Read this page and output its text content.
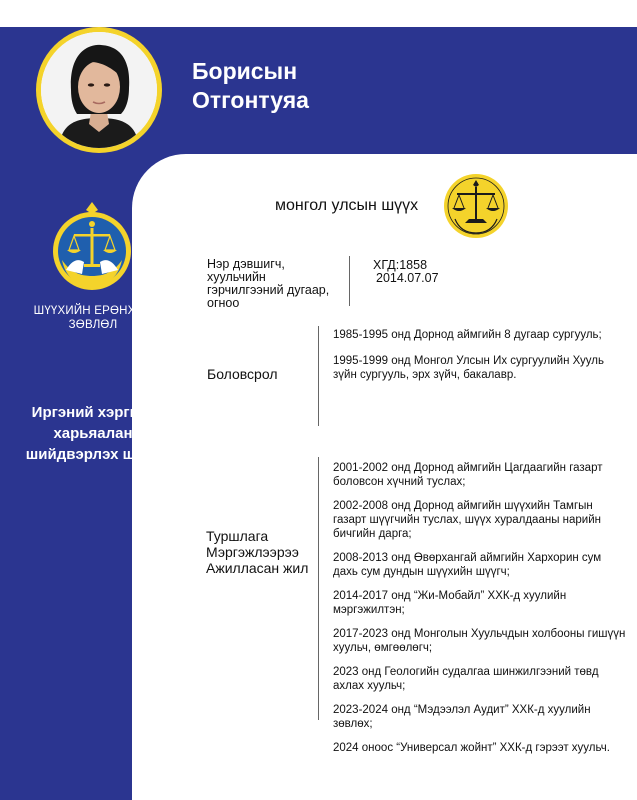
Борисын
Отгонтуяа
ШҮҮХИЙН ЕРӨНХИЙ
ЗӨВЛӨЛ
Иргэний хэргийг
харьяалан
шийдвэрлэх шүүх
монгол улсын шүүх
Нэр дэвшигч, хуульчийн гэрчилгээний дугаар, огноо
ХГД:1858
2014.07.07
Боловсрол

1985-1995 онд Дорнод аймгийн 8 дугаар сургууль;

1995-1999 онд Монгол Улсын Их сургуулийн Хууль зүйн сургууль, эрх зүйч, бакалавр.

Туршлага Мэргэжлээрээ Ажилласан жил

2001-2002 онд Дорнод аймгийн Цагдаагийн газарт боловсон хүчний туслах;

2002-2008 онд Дорнод аймгийн шүүхийн Тамгын газарт шүүгчийн туслах, шүүх хуралдааны нарийн бичгийн дарга;

2008-2013 онд Өвөрхангай аймгийн Хархорин сум дахь сум дундын шүүхийн шүүгч;

2014-2017 онд “Жи-Мобайл” ХХК-д хуулийн мэргэжилтэн;

2017-2023 онд Монголын Хуульчдын холбооны гишүүн хуульч, өмгөөлөгч;

2023 онд Геологийн судалгаа шинжилгээний төвд ахлах хуульч;

2023-2024 онд “Мэдээлэл Аудит” ХХК-д хуулийн зөвлөх;

2024 оноос “Универсал жойнт” ХХК-д гэрээт хуульч.
